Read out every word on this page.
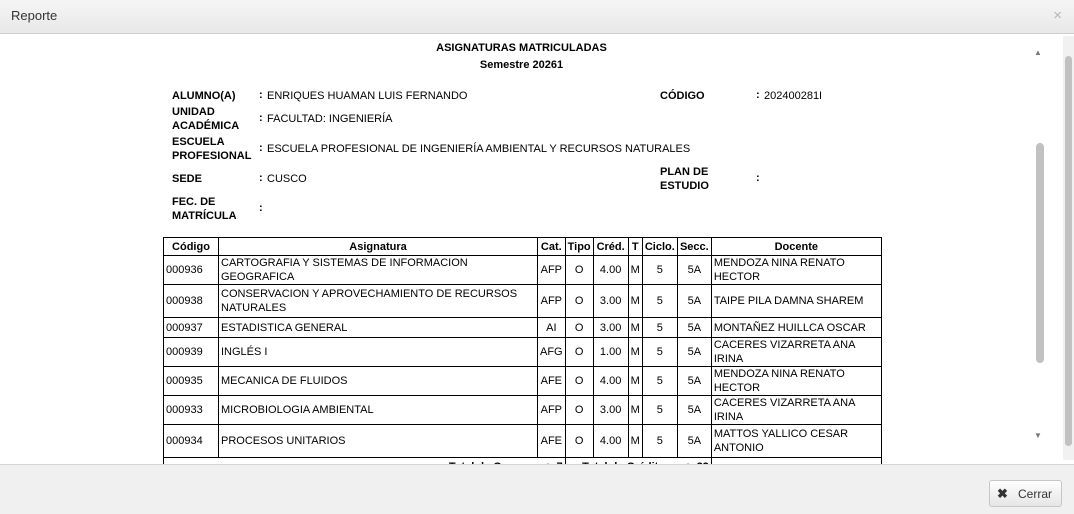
Reporte	×
ASIGNATURAS MATRICULADAS
Semestre 20261
ALUMNO(A) : ENRIQUES HUAMAN LUIS FERNANDO	CÓDIGO	: 202400281I
UNIDAD
ACADÉMICA
: FACULTAD: INGENIERÍA
ESCUELA
PROFESIONAL
: ESCUELA PROFESIONAL DE INGENIERÍA AMBIENTAL Y RECURSOS NATURALES
SEDE	: CUSCO
PLAN DE
ESTUDIO
:
FEC. DE
MATRÍCULA
:
Código	Asignatura	Cat.	Tipo	Créd.	T	Ciclo.	Secc.	Docente
000936	CARTOGRAFIA Y SISTEMAS DE INFORMACION GEOGRAFICA	AFP	O	4.00	M	5	5A	MENDOZA NINA RENATO HECTOR
000938	CONSERVACION Y APROVECHAMIENTO DE RECURSOS NATURALES	AFP	O	3.00	M	5	5A	TAIPE PILA DAMNA SHAREM
000937	ESTADISTICA GENERAL	AI	O	3.00	M	5	5A	MONTAÑEZ HUILLCA OSCAR
000939	INGLÉS I	AFG	O	1.00	M	5	5A	CACERES VIZARRETA ANA IRINA
000935	MECANICA DE FLUIDOS	AFE	O	4.00	M	5	5A	MENDOZA NINA RENATO HECTOR
000933	MICROBIOLOGIA AMBIENTAL	AFP	O	3.00	M	5	5A	CACERES VIZARRETA ANA IRINA
000934	PROCESOS UNITARIOS	AFE	O	4.00	M	5	5A	MATTOS YALLICO CESAR ANTONIO

▲
▼
✖ Cerrar
